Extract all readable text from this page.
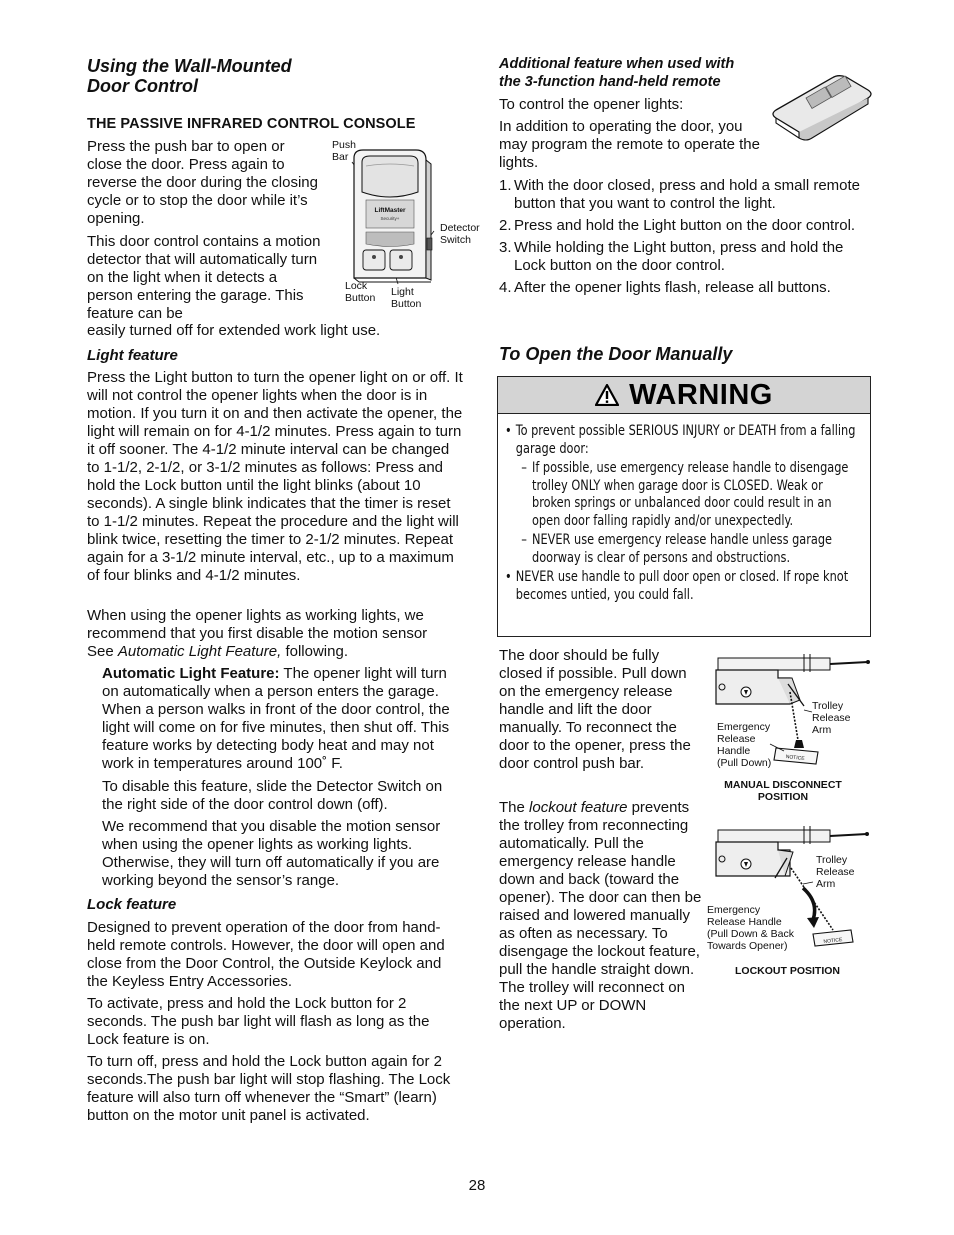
Using the Wall-Mounted
Door Control
THE PASSIVE INFRARED CONTROL CONSOLE

Press the push bar to open or close the door. Press again to reverse the door during the closing cycle or to stop the door while it’s opening.

This door control contains a motion detector that will automatically turn on the light when it detects a person entering the garage. This feature can be

easily turned off for extended work light use.

Push
Bar
Detector
Switch
Lock
Button Light
Button
LiftMaster
Security+
Light feature

Press the Light button to turn the opener light on or off. It will not control the opener lights when the door is in motion. If you turn it on and then activate the opener, the light will remain on for 4-1/2 minutes. Press again to turn it off sooner. The 4-1/2 minute interval can be changed to 1-1/2, 2-1/2, or 3-1/2 minutes as follows: Press and hold the Lock button until the light blinks (about 10 seconds). A single blink indicates that the timer is reset to 1-1/2 minutes. Repeat the procedure and the light will blink twice, resetting the timer to 2-1/2 minutes. Repeat again for a 3-1/2 minute interval, etc., up to a maximum of four blinks and 4-1/2 minutes.

When using the opener lights as working lights, we recommend that you first disable the motion sensor See Automatic Light Feature, following.

Automatic Light Feature: The opener light will turn on automatically when a person enters the garage. When a person walks in front of the door control, the light will come on for five minutes, then shut off. This feature works by detecting body heat and may not work in temperatures around 100˚ F.

To disable this feature, slide the Detector Switch on the right side of the door control down (off).

We recommend that you disable the motion sensor when using the opener lights as working lights. Otherwise, they will turn off automatically if you are working beyond the sensor’s range.

Lock feature

Designed to prevent operation of the door from hand-held remote controls. However, the door will open and close from the Door Control, the Outside Keylock and the Keyless Entry Accessories.

To activate, press and hold the Lock button for 2 seconds. The push bar light will flash as long as the Lock feature is on.

To turn off, press and hold the Lock button again for 2 seconds.The push bar light will stop flashing. The Lock feature will also turn off whenever the “Smart” (learn) button on the motor unit panel is activated.

Additional feature when used with
the 3-function hand-held remote

To control the opener lights:

In addition to operating the door, you may program the remote to operate the lights.

1. With the door closed, press and hold a small remote button that you want to control the light.
2. Press and hold the Light button on the door control.
3. While holding the Light button, press and hold the Lock button on the door control.
4. After the opener lights flash, release all buttons.
To Open the Door Manually
WARNING
• To prevent possible SERIOUS INJURY or DEATH from a falling garage door:
– If possible, use emergency release handle to disengage trolley ONLY when garage door is CLOSED. Weak or broken springs or unbalanced door could result in an open door falling rapidly and/or unexpectedly.
– NEVER use emergency release handle unless garage doorway is clear of persons and obstructions.
• NEVER use handle to pull door open or closed. If rope knot becomes untied, you could fall.

The door should be fully closed if possible. Pull down on the emergency release handle and lift the door manually. To reconnect the door to the opener, press the door control push bar.

The lockout feature prevents the trolley from reconnecting automatically. Pull the emergency release handle down and back (toward the opener). The door can then be raised and lowered manually as often as necessary. To disengage the lockout feature, pull the handle straight down. The trolley will reconnect on the next UP or DOWN operation.

NOTICE
Trolley
Release
Arm
Emergency
Release
Handle
(Pull Down)
MANUAL DISCONNECT
POSITION
NOTICE
Trolley
Release
Arm
Emergency
Release Handle
(Pull Down & Back
Towards Opener)
LOCKOUT POSITION
28
